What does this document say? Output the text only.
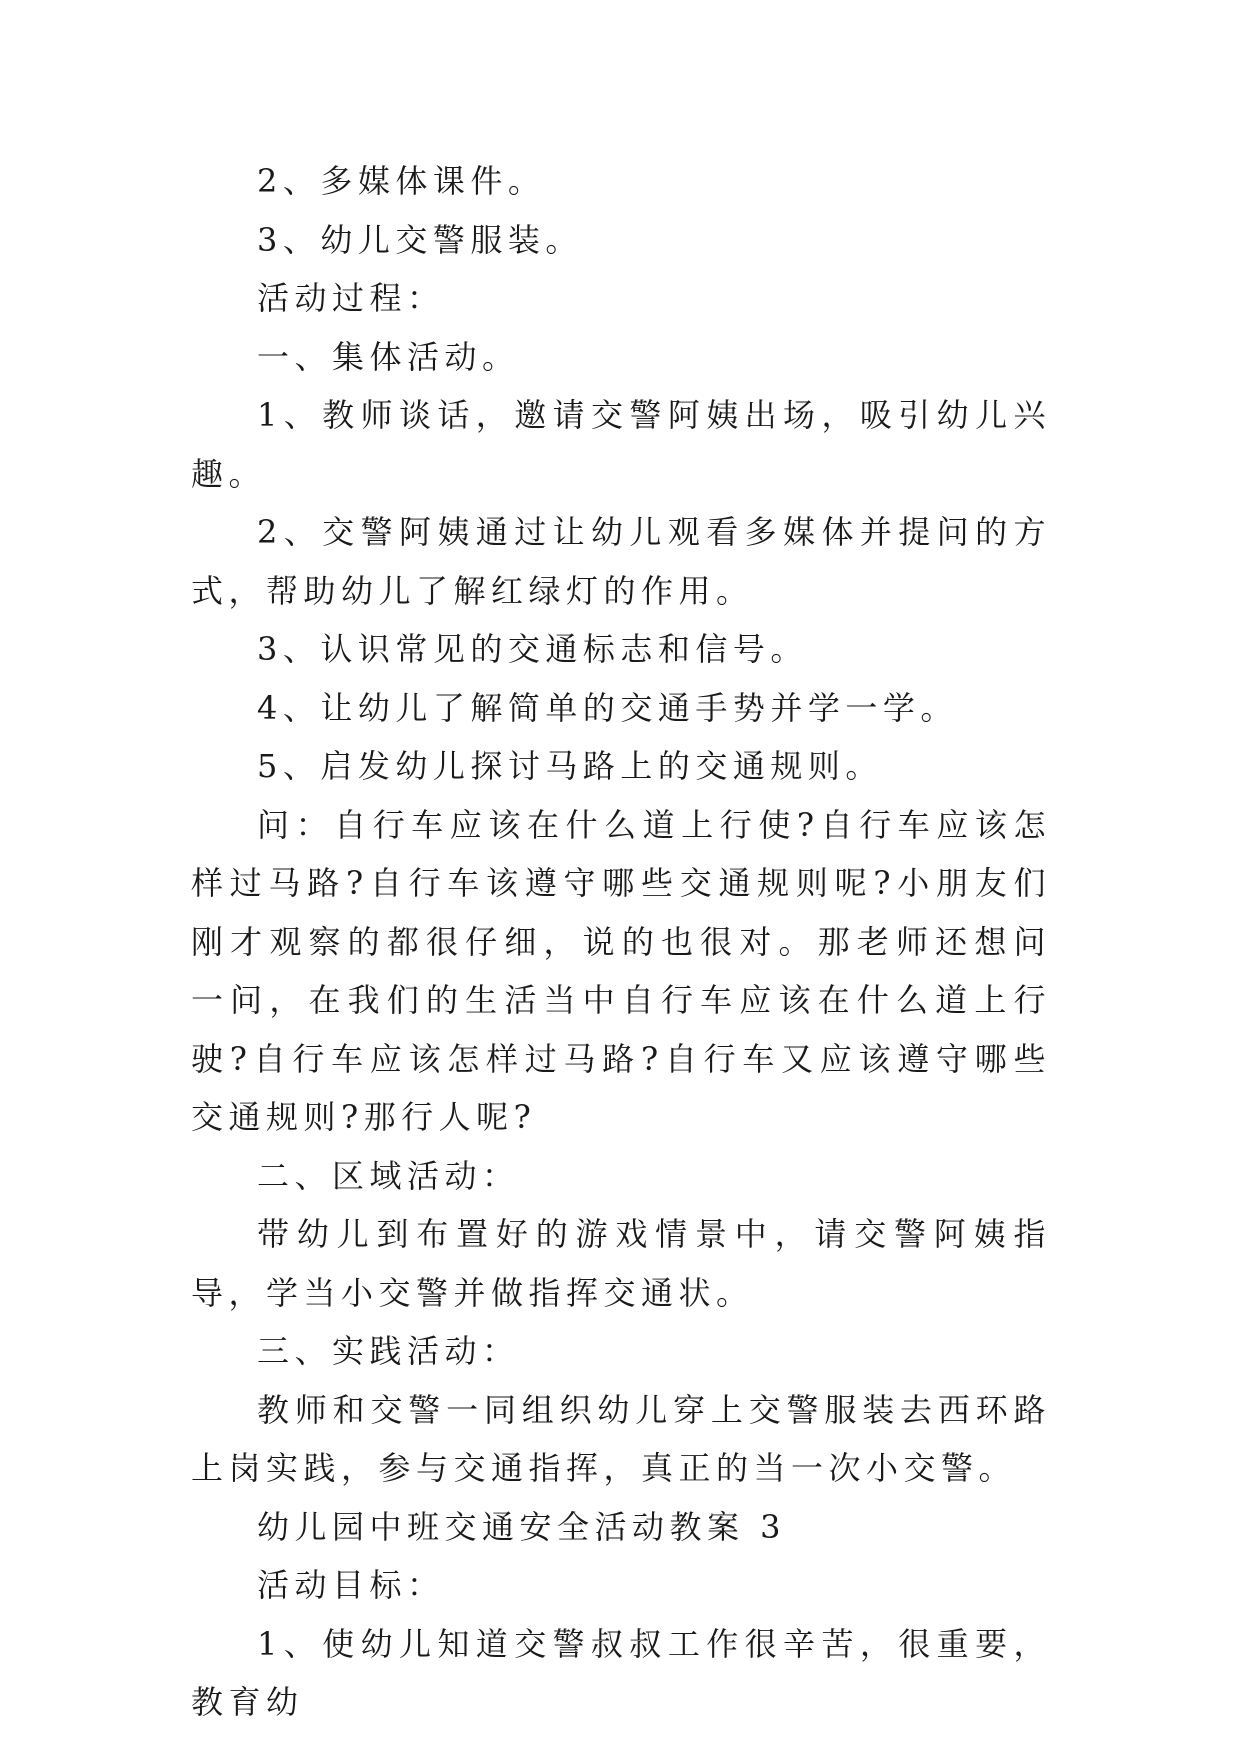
2、多媒体课件。

3、幼儿交警服装。

活动过程：

一、集体活动。

1、教师谈话，邀请交警阿姨出场，吸引幼儿兴趣。

2、交警阿姨通过让幼儿观看多媒体并提问的方式，帮助幼儿了解红绿灯的作用。

3、认识常见的交通标志和信号。

4、让幼儿了解简单的交通手势并学一学。

5、启发幼儿探讨马路上的交通规则。

问：自行车应该在什么道上行使?自行车应该怎样过马路?自行车该遵守哪些交通规则呢?小朋友们刚才观察的都很仔细，说的也很对。那老师还想问一问，在我们的生活当中自行车应该在什么道上行驶?自行车应该怎样过马路?自行车又应该遵守哪些交通规则?那行人呢?

二、区域活动：

带幼儿到布置好的游戏情景中，请交警阿姨指导，学当小交警并做指挥交通状。

三、实践活动：

教师和交警一同组织幼儿穿上交警服装去西环路上岗实践，参与交通指挥，真正的当一次小交警。

幼儿园中班交通安全活动教案 3

活动目标：

1、使幼儿知道交警叔叔工作很辛苦，很重要，教育幼
